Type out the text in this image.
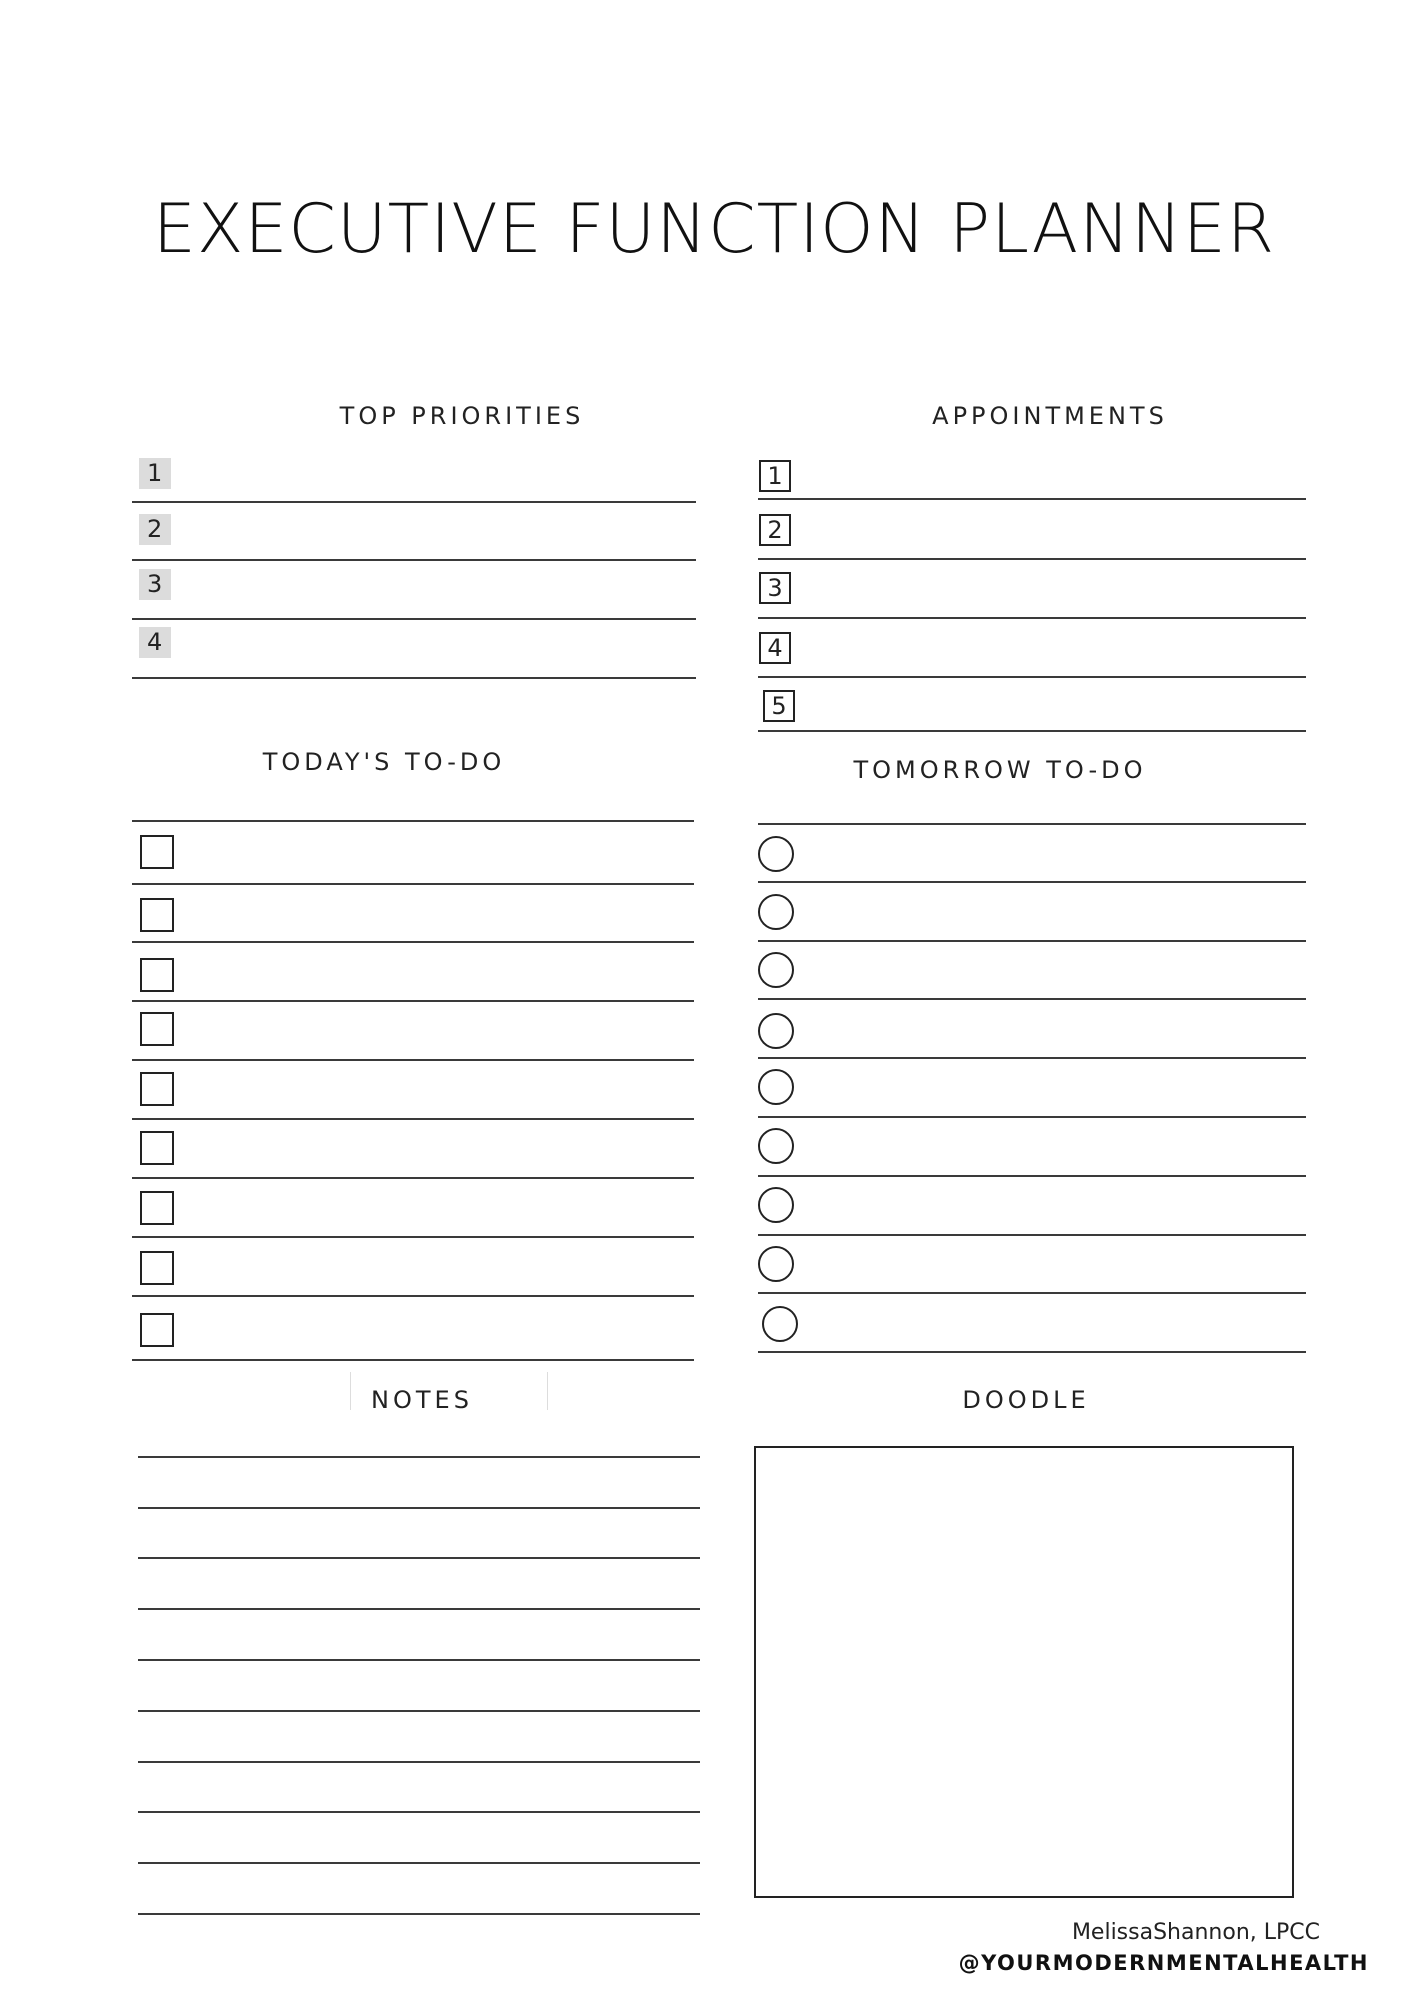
EXECUTIVE FUNCTION PLANNER
TOP PRIORITIES	APPOINTMENTS
TODAY'S TO-DO	TOMORROW TO-DO
NOTES	DOODLE
1
2
3
4
1
2
3
4
5
MelissaShannon, LPCC
@YOURMODERNMENTALHEALTH
